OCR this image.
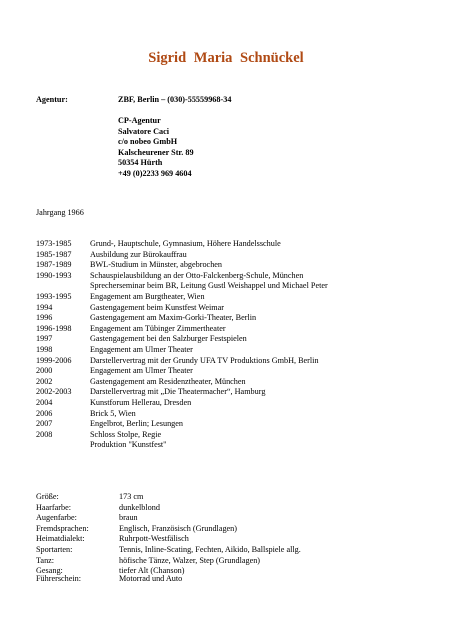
Sigrid Maria Schnückel
Agentur:	ZBF, Berlin – (030)-55559968-34
CP-Agentur
Salvatore Caci
c/o nobeo GmbH
Kalscheurener Str. 89
50354 Hürth
+49 (0)2233 969 4604
Jahrgang 1966
1973-1985 Grund-, Hauptschule, Gymnasium, Höhere Handelsschule
1985-1987 Ausbildung zur Bürokauffrau
1987-1989 BWL-Studium in Münster, abgebrochen
1990-1993 Schauspielausbildung an der Otto-Falckenberg-Schule, München
Sprecherseminar beim BR, Leitung Gustl Weishappel und Michael Peter
1993-1995 Engagement am Burgtheater, Wien
1994	Gastengagement beim Kunstfest Weimar
1996	Gastengagement am Maxim-Gorki-Theater, Berlin
1996-1998 Engagement am Tübinger Zimmertheater
1997	Gastengagement bei den Salzburger Festspielen
1998	Engagement am Ulmer Theater
1999-2006 Darstellervertrag mit der Grundy UFA TV Produktions GmbH, Berlin
2000	Engagement am Ulmer Theater
2002	Gastengagement am Residenztheater, München
2002-2003 Darstellervertrag mit „Die Theatermacher“, Hamburg
2004	Kunstforum Hellerau, Dresden
2006	Brick 5, Wien
2007	Engelbrot, Berlin; Lesungen
2008	Schloss Stolpe, Regie
Produktion "Kunstfest"
Größe:	173 cm
Haarfarbe:	dunkelblond
Augenfarbe:	braun
Fremdsprachen:	Englisch, Französisch (Grundlagen)
Heimatdialekt:	Ruhrpott-Westfälisch
Sportarten:	Tennis, Inline-Scating, Fechten, Aikido, Ballspiele allg.
Tanz:	höfische Tänze, Walzer, Step (Grundlagen)
Gesang:	tiefer Alt (Chanson)
Führerschein:	Motorrad und Auto
